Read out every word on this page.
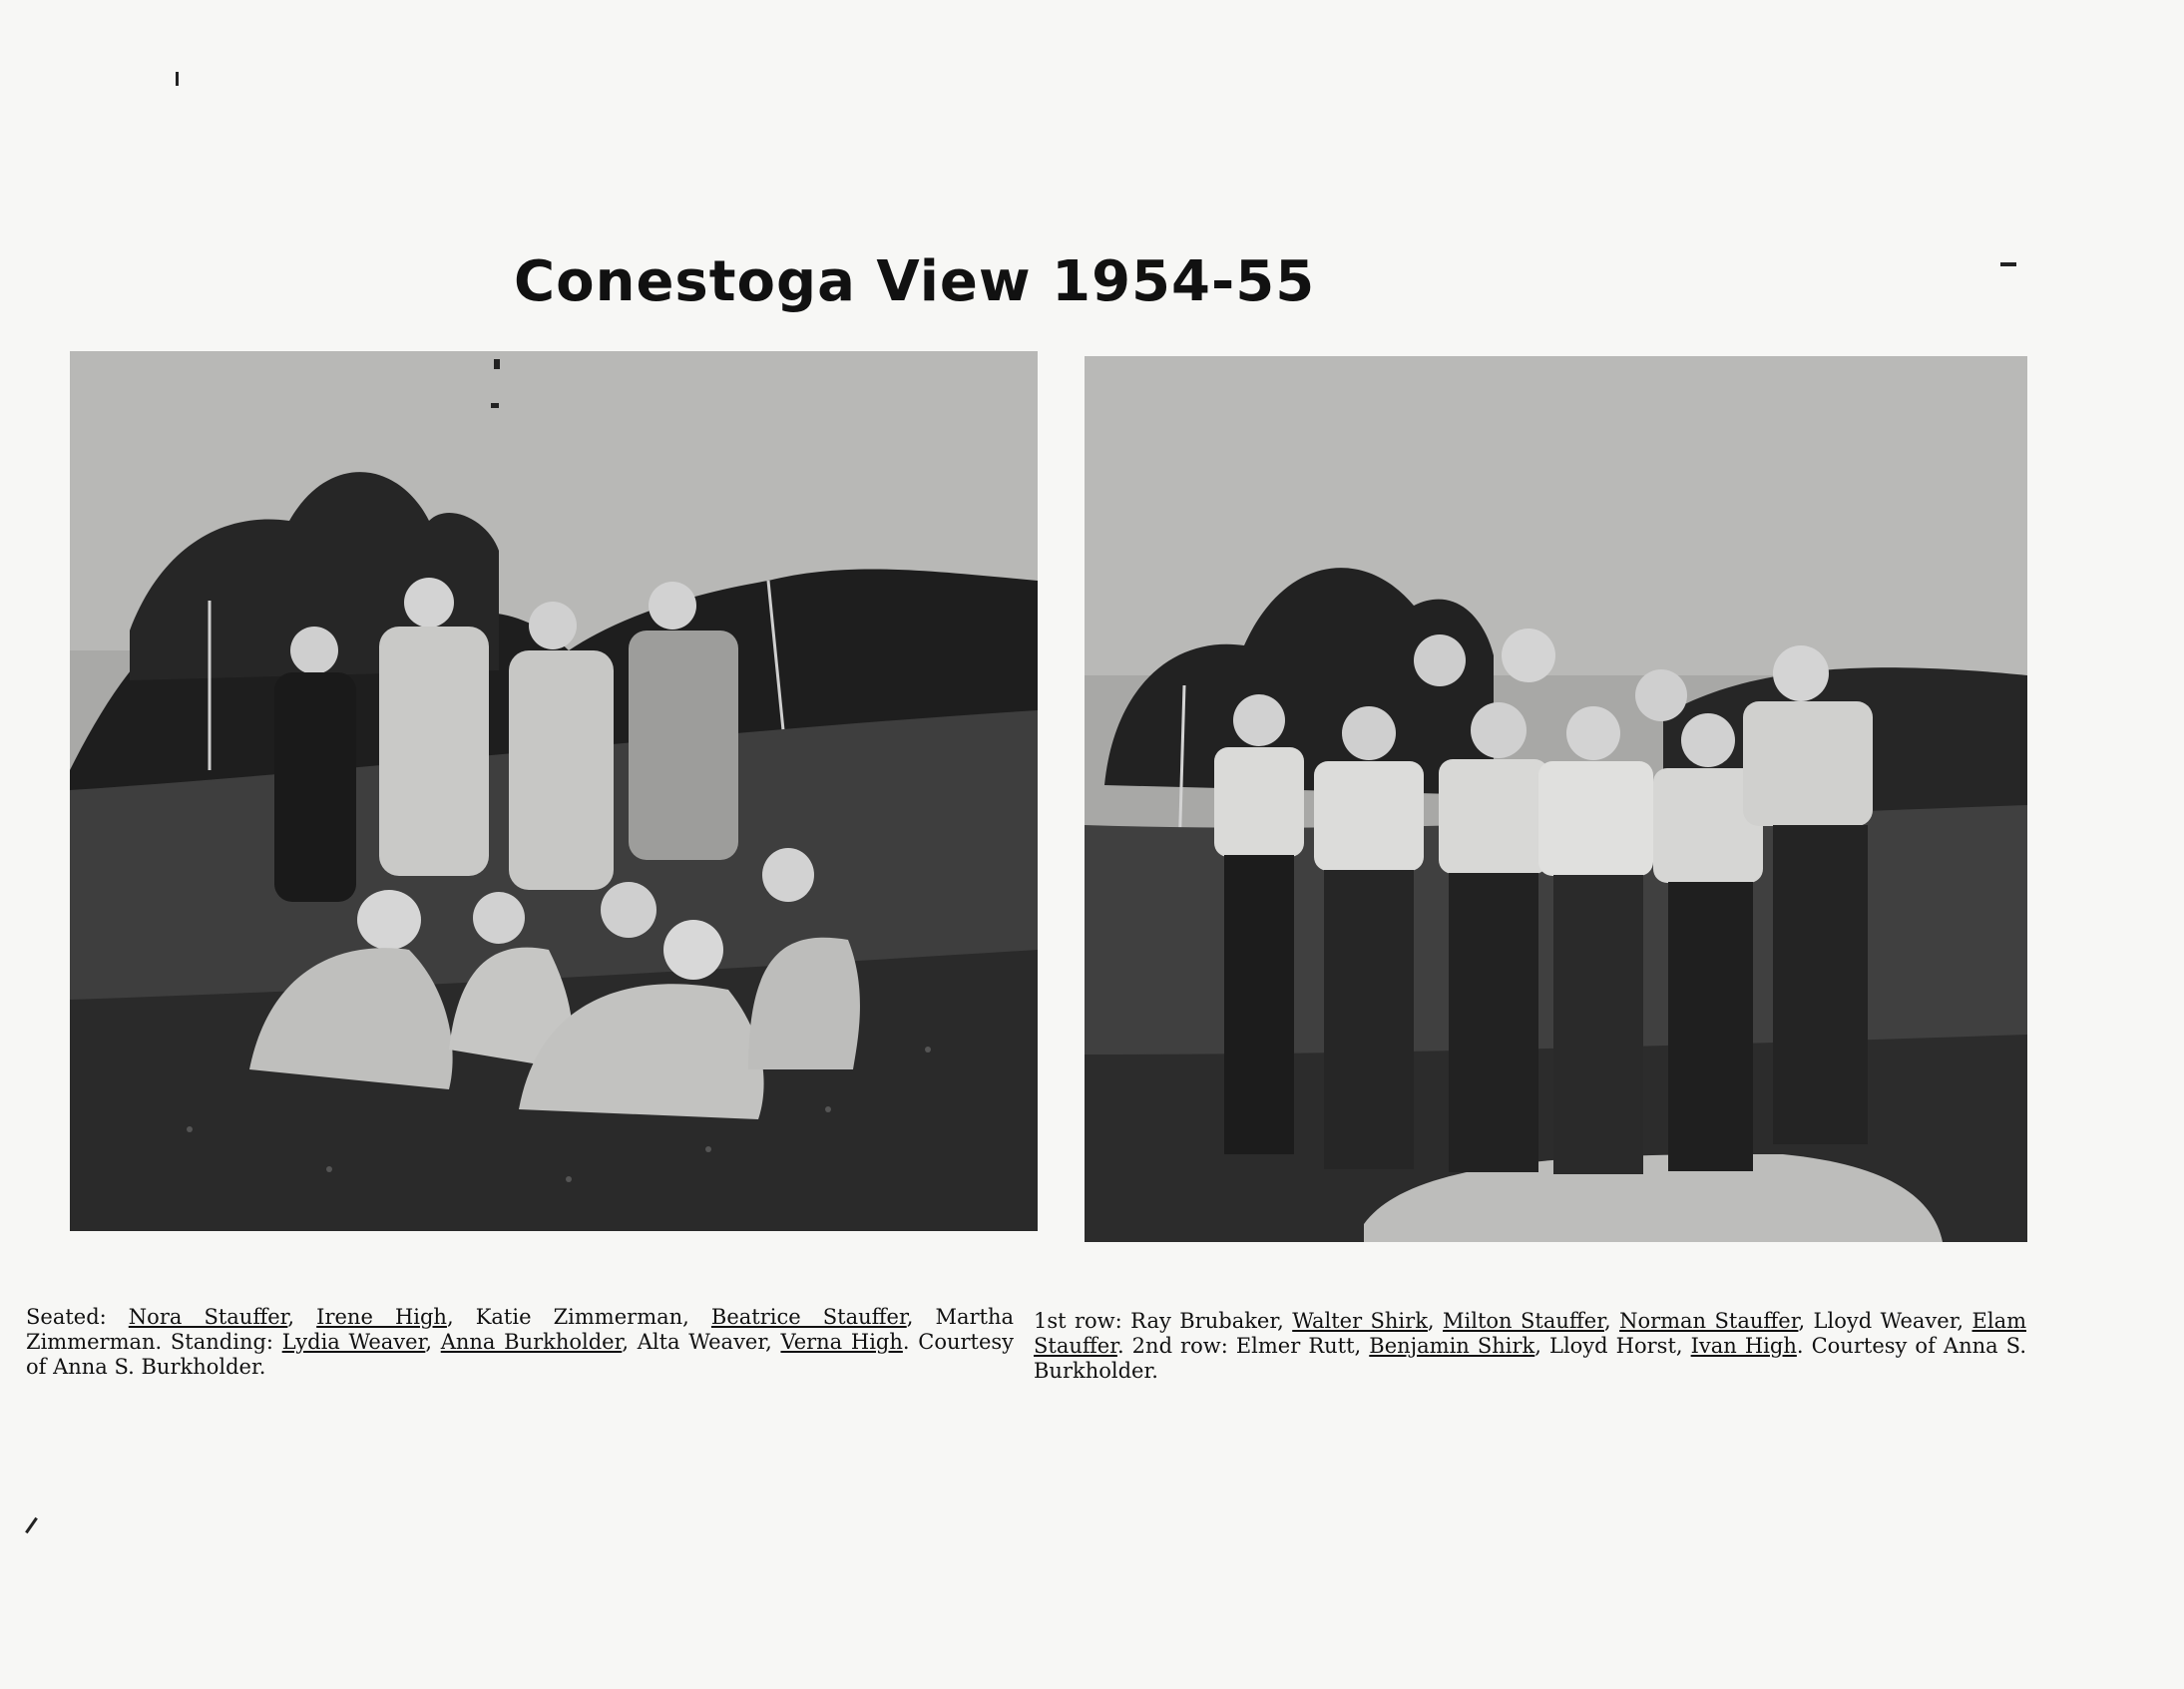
Conestoga View 1954-55
Seated: Nora Stauffer, Irene High, Katie Zimmerman, Beatrice Stauffer, Martha Zimmerman. Standing: Lydia Weaver, Anna Burkholder, Alta Weaver, Verna High. Courtesy of Anna S. Burkholder.
1st row: Ray Brubaker, Walter Shirk, Milton Stauffer, Norman Stauffer, Lloyd Weaver, Elam Stauffer. 2nd row: Elmer Rutt, Benjamin Shirk, Lloyd Horst, Ivan High. Courtesy of Anna S. Burkholder.
